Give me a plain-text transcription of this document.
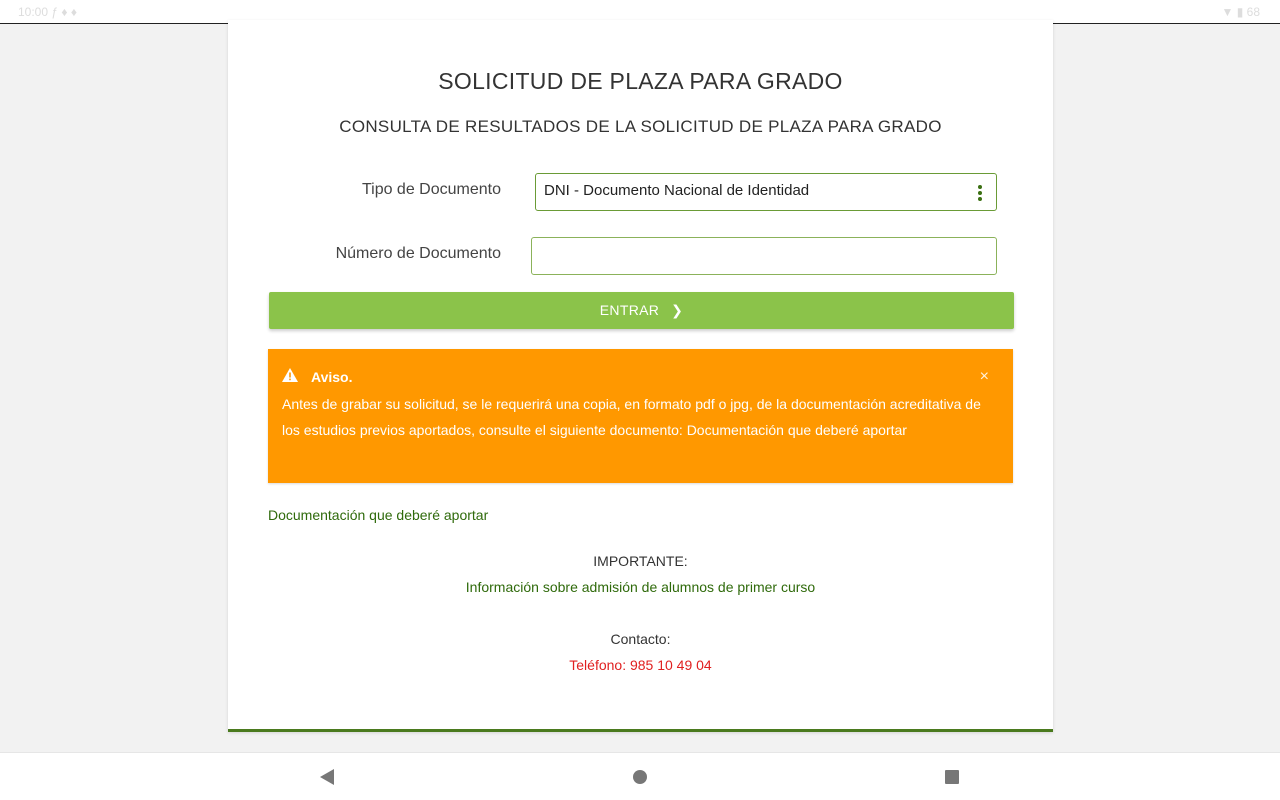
10:00 ƒ ♦ ♦	▼ ▮ 68
SOLICITUD DE PLAZA PARA GRADO
CONSULTA DE RESULTADOS DE LA SOLICITUD DE PLAZA PARA GRADO
Tipo de Documento	DNI - Documento Nacional de Identidad
Número de Documento
ENTRAR ❯
Aviso.	×
Antes de grabar su solicitud, se le requerirá una copia, en formato pdf o jpg, de la documentación acreditativa de los estudios previos aportados, consulte el siguiente documento: Documentación que deberé aportar
Documentación que deberé aportar
IMPORTANTE:
Información sobre admisión de alumnos de primer curso
Contacto:
Teléfono: 985 10 49 04
